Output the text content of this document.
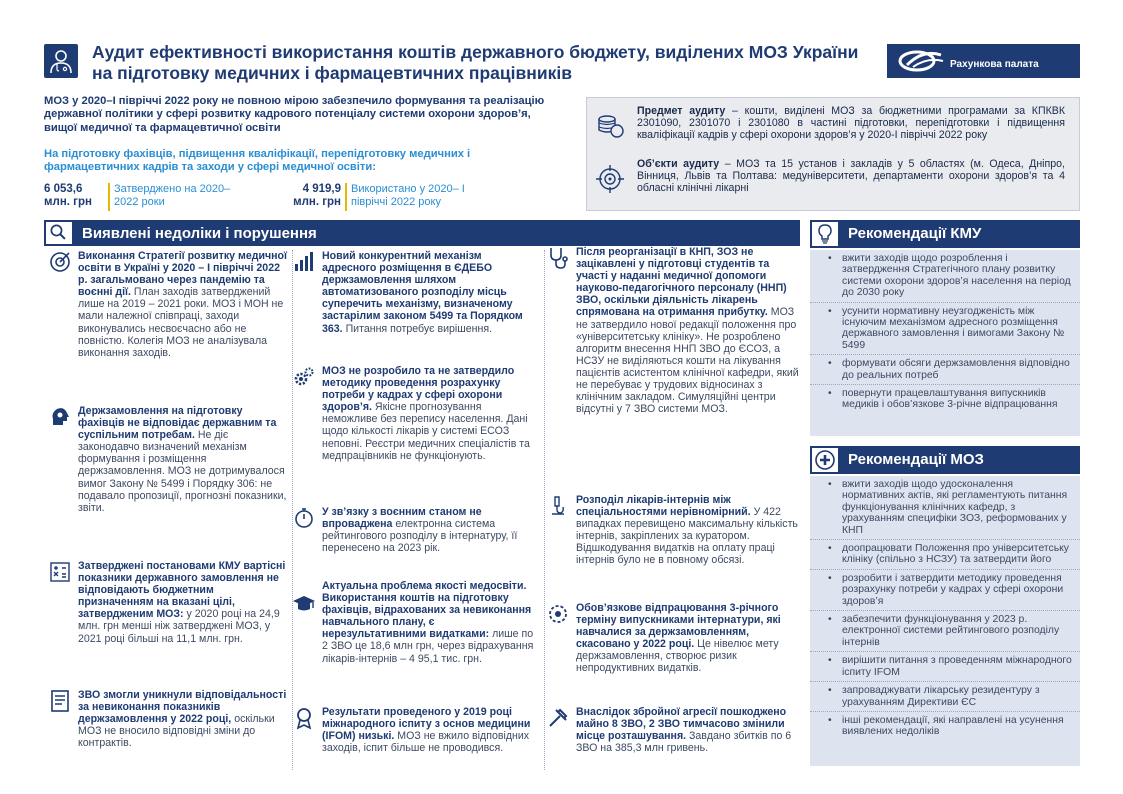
Аудит ефективності використання коштів державного бюджету, виділених МОЗ України на підготовку медичних і фармацевтичних працівників	Рахункова палата
МОЗ у 2020–І півріччі 2022 року не повною мірою забезпечило формування та реалізацію державної політики у сфері розвитку кадрового потенціалу системи охорони здоров’я, вищої медичної та фармацевтичної освіти
На підготовку фахівців, підвищення кваліфікації, перепідготовку медичних і фармацевтичних кадрів та заходи у сфері медичної освіти:
6 053,6
млн. грн
Затверджено на 2020–2022 роки
4 919,9
млн. грн
Використано у 2020– І півріччі 2022 року
Предмет аудиту – кошти, виділені МОЗ за бюджетними програмами за КПКВК 2301090, 2301070 і 2301080 в частині підготовки, перепідготовки і підвищення кваліфікації кадрів у сфері охорони здоров’я у 2020-І півріччі 2022 року
Об’єкти аудиту – МОЗ та 15 установ і закладів у 5 областях (м. Одеса, Дніпро, Вінниця, Львів та Полтава: медуніверситети, департаменти охорони здоров’я та 4 обласні клінічні лікарні
Виявлені недоліки і порушення
Виконання Стратегії розвитку медичної освіти в Україні у 2020 – І півріччі 2022 р. загальмовано через пандемію та воєнні дії. План заходів затверджений лише на 2019 – 2021 роки. МОЗ і МОН не мали належної співпраці, заходи виконувались несвоєчасно або не повністю. Колегія МОЗ не аналізувала виконання заходів.
Держзамовлення на підготовку фахівців не відповідає державним та суспільним потребам. Не діє законодавчо визначений механізм формування і розміщення держзамовлення. МОЗ не дотримувалося вимог Закону № 5499 і Порядку 306: не подавало пропозиції, прогнозні показники, звіти.
Затверджені постановами КМУ вартісні показники державного замовлення не відповідають бюджетним призначенням на вказані цілі, затвердженим МОЗ: у 2020 році на 24,9 млн. грн менші ніж затверджені МОЗ, у 2021 році більші на 11,1 млн. грн.
ЗВО змогли уникнули відповідальності за невиконання показників держзамовлення у 2022 році, оскільки МОЗ не вносило відповідні зміни до контрактів.
Новий конкурентний механізм адресного розміщення в ЄДЕБО держзамовлення шляхом автоматизованого розподілу місць суперечить механізму, визначеному застарілим законом 5499 та Порядком 363. Питання потребує вирішення.
МОЗ не розробило та не затвердило методику проведення розрахунку потреби у кадрах у сфері охорони здоров’я. Якісне прогнозування неможливе без перепису населення. Дані щодо кількості лікарів у системі ЕСОЗ неповні. Реєстри медичних спеціалістів та медпрацівників не функціонують.
У зв’язку з воєнним станом не впроваджена електронна система рейтингового розподілу в інтернатуру, її перенесено на 2023 рік.
Актуальна проблема якості медосвіти. Використання коштів на підготовку фахівців, відрахованих за невиконання навчального плану, є нерезультативними видатками: лише по 2 ЗВО це 18,6 млн грн, через відрахування лікарів-інтернів – 4 95,1 тис. грн.
Результати проведеного у 2019 році міжнародного іспиту з основ медицини (IFOM) низькі. МОЗ не вжило відповідних заходів, іспит більше не проводився.
Після реорганізації в КНП, ЗОЗ не зацікавлені у підготовці студентів та участі у наданні медичної допомоги науково-педагогічного персоналу (ННП) ЗВО, оскільки діяльність лікарень спрямована на отримання прибутку. МОЗ не затвердило нової редакції положення про «університетську клініку». Не розроблено алгоритм внесення ННП ЗВО до ЄСОЗ, а НСЗУ не виділяються кошти на лікування пацієнтів асистентом клінічної кафедри, який не перебуває у трудових відносинах з клінічним закладом. Симуляційні центри відсутні у 7 ЗВО системи МОЗ.
Розподіл лікарів-інтернів між спеціальностями нерівномірний. У 422 випадках перевищено максимальну кількість інтернів, закріплених за куратором. Відшкодування видатків на оплату праці інтернів було не в повному обсязі.
Обов’язкове відпрацювання 3-річного терміну випускниками інтернатури, які навчалися за держзамовленням, скасовано у 2022 році. Це нівелює мету держзамовлення, створює ризик непродуктивних видатків.
Внаслідок збройної агресії пошкоджено майно 8 ЗВО, 2 ЗВО тимчасово змінили місце розташування. Завдано збитків по 6 ЗВО на 385,3 млн гривень.
Рекомендації КМУ
• вжити заходів щодо розроблення і затвердження Стратегічного плану розвитку системи охорони здоров’я населення на період до 2030 року
• усунити нормативну неузгодженість між існуючим механізмом адресного розміщення державного замовлення і вимогами Закону № 5499
• формувати обсяги держзамовлення відповідно до реальних потреб
• повернути працевлаштування випускників медиків і обов’язкове 3-річне відпрацювання
Рекомендації МОЗ
• вжити заходів щодо удосконалення нормативних актів, які регламентують питання функціонування клінічних кафедр, з урахуванням специфіки ЗОЗ, реформованих у КНП
• доопрацювати Положення про університетську клініку (спільно з НСЗУ) та затвердити його
• розробити і затвердити методику проведення розрахунку потреби у кадрах у сфері охорони здоров’я
• забезпечити функціонування у 2023 р. електронної системи рейтингового розподілу інтернів
• вирішити питання з проведенням міжнародного іспиту IFOM
• запроваджувати лікарську резидентуру з урахуванням Директиви ЄС
• інші рекомендації, які направлені на усунення виявлених недоліків
